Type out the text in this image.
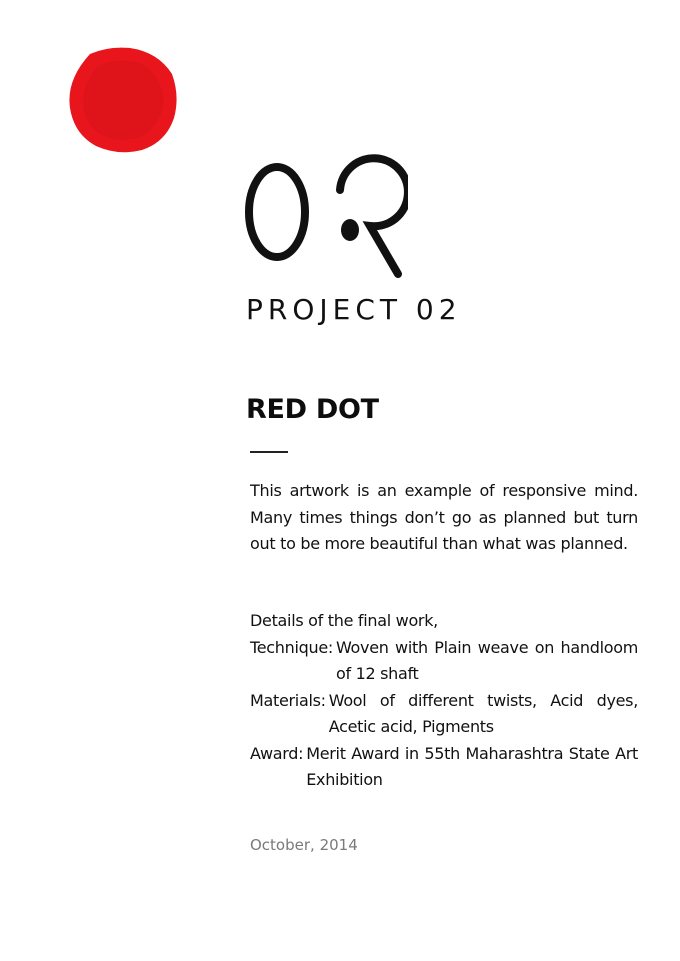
PROJECT 02
RED DOT

This artwork is an example of responsive mind. Many times things don’t go as planned but turn out to be more beautiful than what was planned.

Details of the final work,

Technique: Woven with Plain weave on handloom of 12 shaft
Materials: Wool of different twists, Acid dyes, Acetic acid, Pigments
Award: Merit Award in 55th Maharashtra State Art Exhibition

October, 2014
